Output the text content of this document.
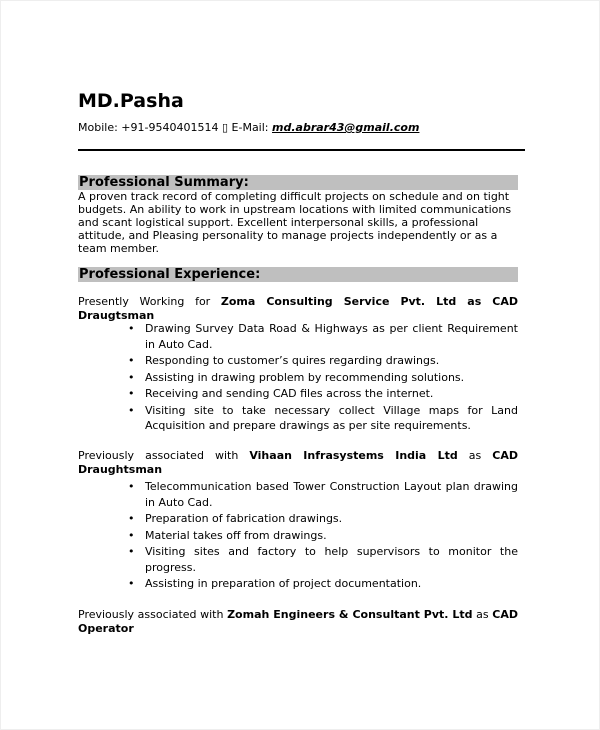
MD.Pasha
Mobile: +91-9540401514 ▯ E-Mail: md.abrar43@gmail.com
Professional Summary:
A proven track record of completing difficult projects on schedule and on tight budgets. An ability to work in upstream locations with limited communications and scant logistical support. Excellent interpersonal skills, a professional attitude, and Pleasing personality to manage projects independently or as a team member.
Professional Experience:
Presently Working for Zoma Consulting Service Pvt. Ltd as CAD Draugtsman
• Drawing Survey Data Road & Highways as per client Requirement in Auto Cad.
• Responding to customer’s quires regarding drawings.
• Assisting in drawing problem by recommending solutions.
• Receiving and sending CAD files across the internet.
• Visiting site to take necessary collect Village maps for Land Acquisition and prepare drawings as per site requirements.
Previously associated with Vihaan Infrasystems India Ltd as CAD Draughtsman
• Telecommunication based Tower Construction Layout plan drawing in Auto Cad.
• Preparation of fabrication drawings.
• Material takes off from drawings.
• Visiting sites and factory to help supervisors to monitor the progress.
• Assisting in preparation of project documentation.
Previously associated with Zomah Engineers & Consultant Pvt. Ltd as CAD Operator
